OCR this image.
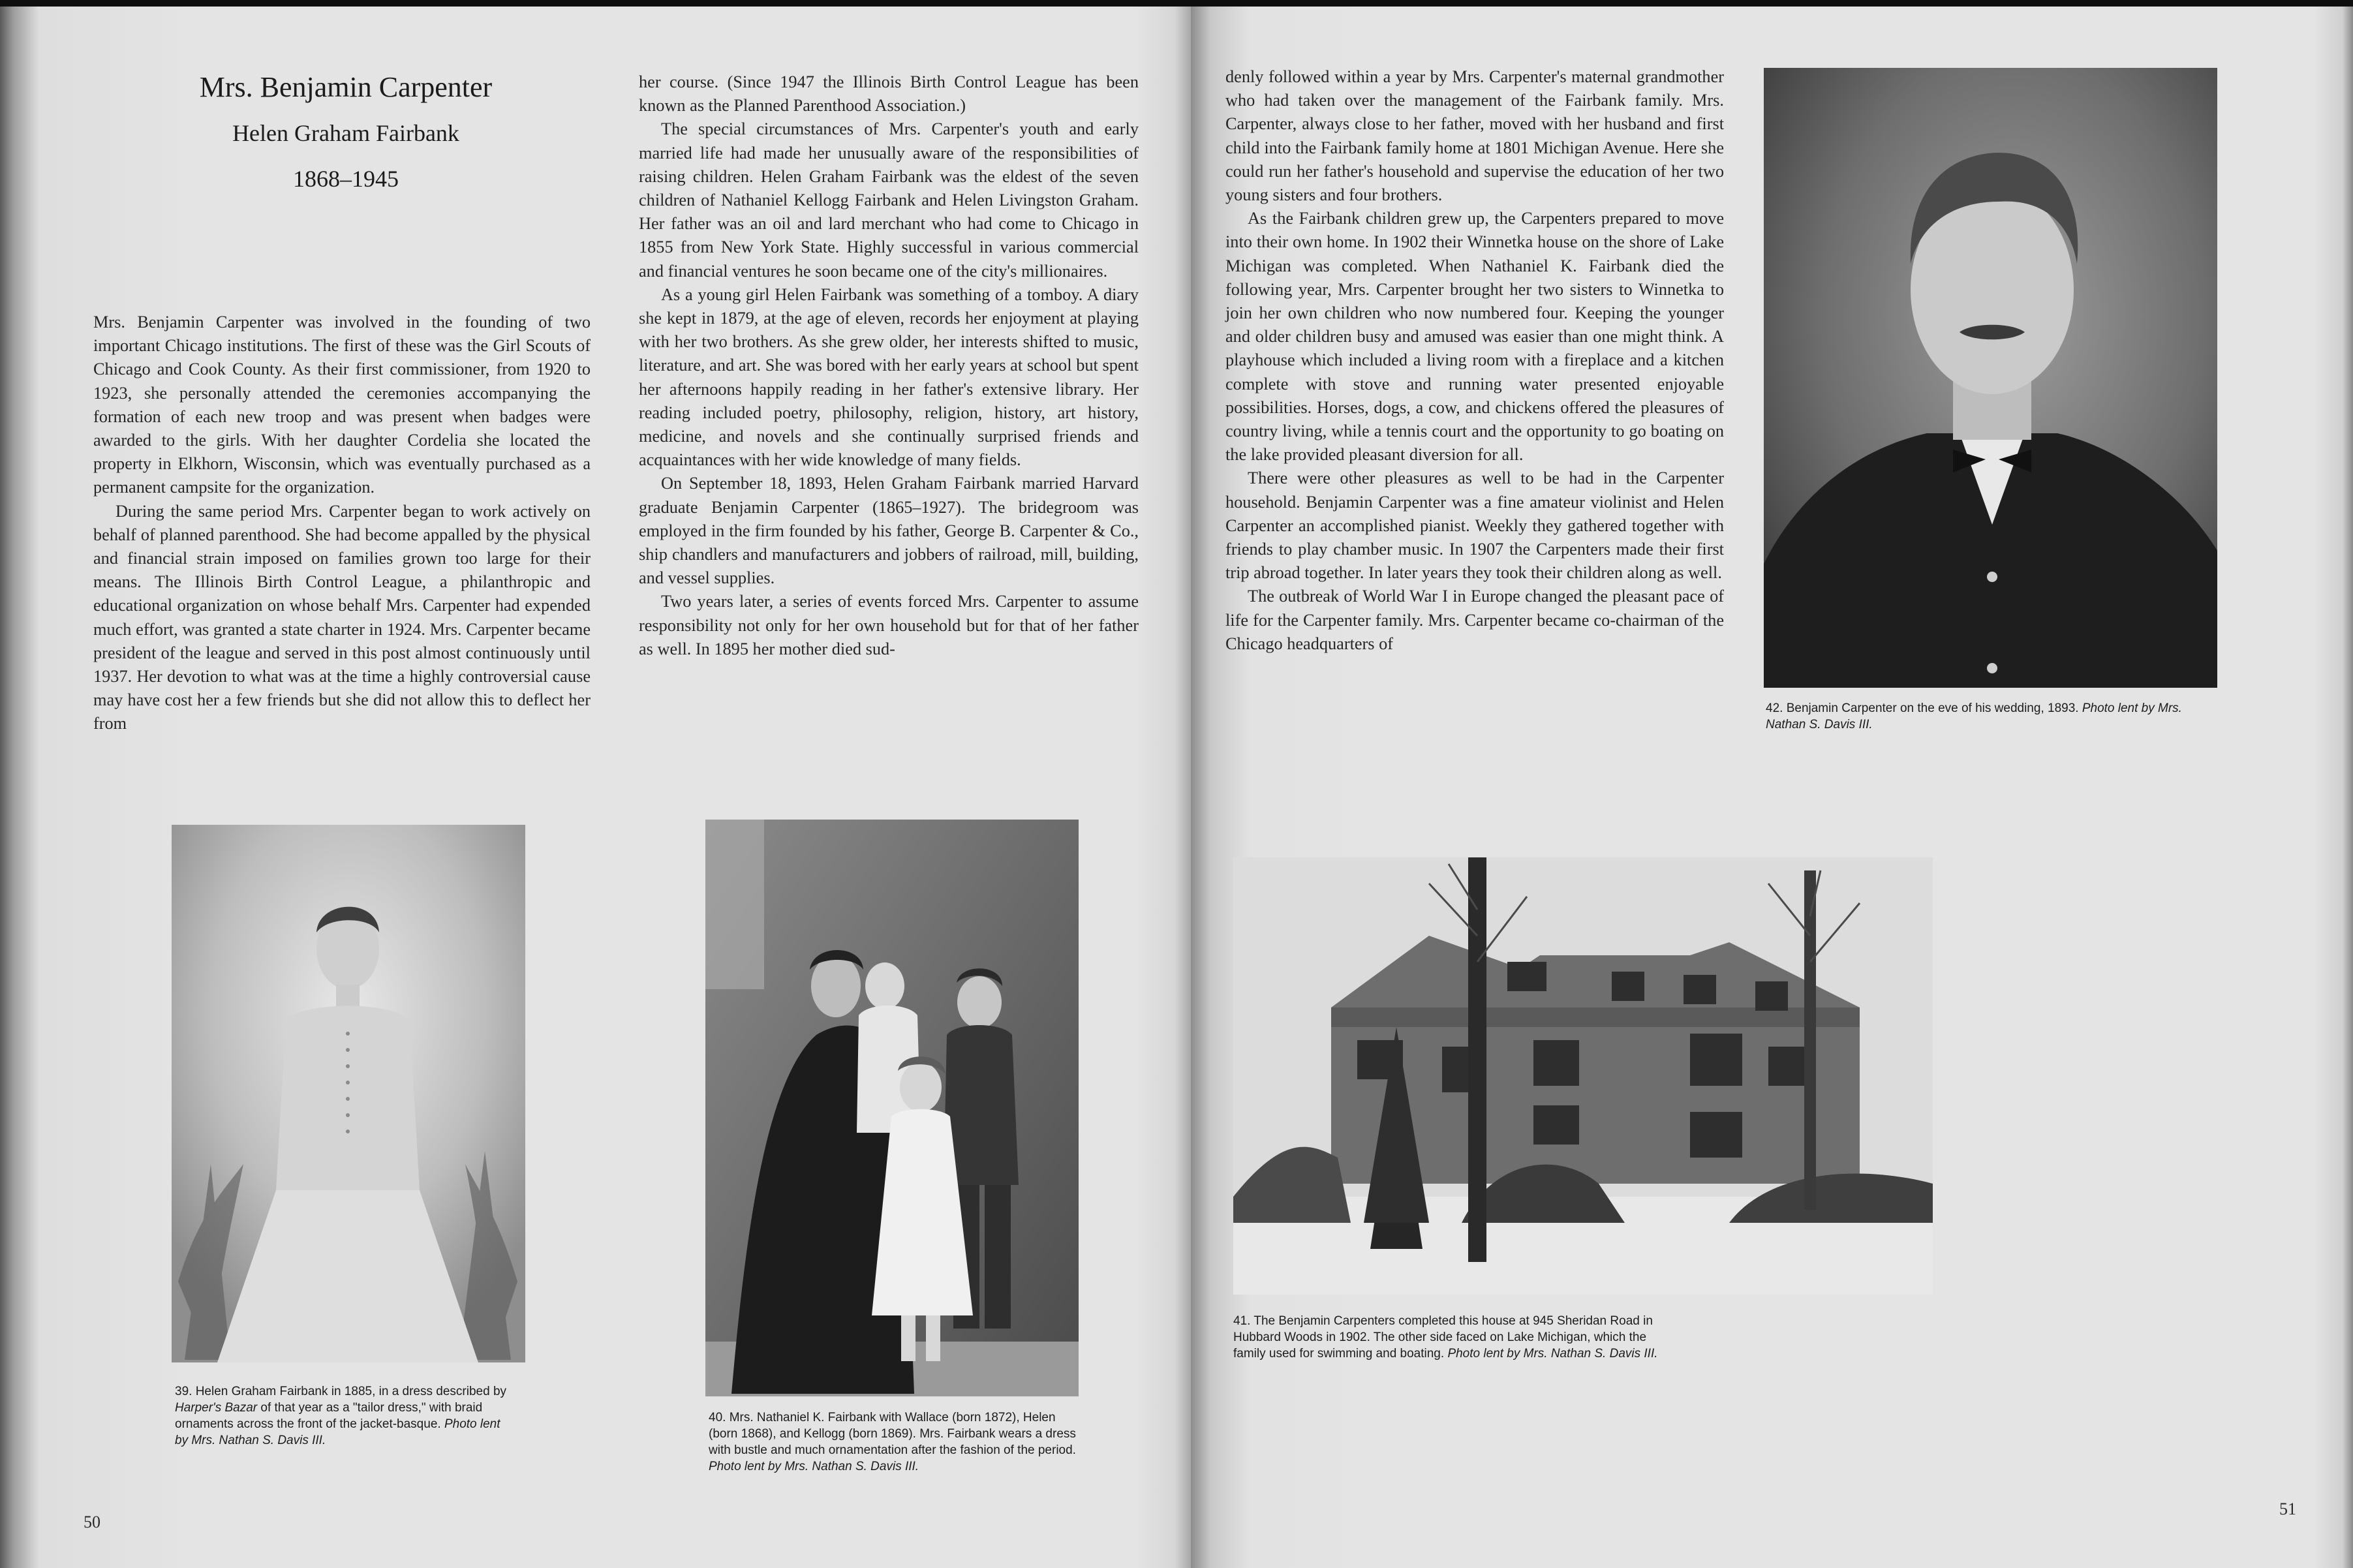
Mrs. Benjamin Carpenter
Helen Graham Fairbank
1868–1945

Mrs. Benjamin Carpenter was involved in the founding of two important Chicago institutions. The first of these was the Girl Scouts of Chicago and Cook County. As their first commissioner, from 1920 to 1923, she personally attended the ceremonies accompanying the formation of each new troop and was present when badges were awarded to the girls. With her daughter Cordelia she located the property in Elkhorn, Wisconsin, which was eventually purchased as a permanent campsite for the organization.

During the same period Mrs. Carpenter began to work actively on behalf of planned parenthood. She had become appalled by the physical and financial strain imposed on families grown too large for their means. The Illinois Birth Control League, a philanthropic and educational organization on whose behalf Mrs. Carpenter had expended much effort, was granted a state charter in 1924. Mrs. Carpenter became president of the league and served in this post almost continuously until 1937. Her devotion to what was at the time a highly controversial cause may have cost her a few friends but she did not allow this to deflect her from

her course. (Since 1947 the Illinois Birth Control League has been known as the Planned Parenthood Association.)

The special circumstances of Mrs. Carpenter's youth and early married life had made her unusually aware of the responsibilities of raising children. Helen Graham Fairbank was the eldest of the seven children of Nathaniel Kellogg Fairbank and Helen Livingston Graham. Her father was an oil and lard merchant who had come to Chicago in 1855 from New York State. Highly successful in various commercial and financial ventures he soon became one of the city's millionaires.

As a young girl Helen Fairbank was something of a tomboy. A diary she kept in 1879, at the age of eleven, records her enjoyment at playing with her two brothers. As she grew older, her interests shifted to music, literature, and art. She was bored with her early years at school but spent her afternoons happily reading in her father's extensive library. Her reading included poetry, philosophy, religion, history, art history, medicine, and novels and she continually surprised friends and acquaintances with her wide knowledge of many fields.

On September 18, 1893, Helen Graham Fairbank married Harvard graduate Benjamin Carpenter (1865–1927). The bridegroom was employed in the firm founded by his father, George B. Carpenter & Co., ship chandlers and manufacturers and jobbers of railroad, mill, building, and vessel supplies.

Two years later, a series of events forced Mrs. Carpenter to assume responsibility not only for her own household but for that of her father as well. In 1895 her mother died sud-

denly followed within a year by Mrs. Carpenter's maternal grandmother who had taken over the management of the Fairbank family. Mrs. Carpenter, always close to her father, moved with her husband and first child into the Fairbank family home at 1801 Michigan Avenue. Here she could run her father's household and supervise the education of her two young sisters and four brothers.

As the Fairbank children grew up, the Carpenters prepared to move into their own home. In 1902 their Winnetka house on the shore of Lake Michigan was completed. When Nathaniel K. Fairbank died the following year, Mrs. Carpenter brought her two sisters to Winnetka to join her own children who now numbered four. Keeping the younger and older children busy and amused was easier than one might think. A playhouse which included a living room with a fireplace and a kitchen complete with stove and running water presented enjoyable possibilities. Horses, dogs, a cow, and chickens offered the pleasures of country living, while a tennis court and the opportunity to go boating on the lake provided pleasant diversion for all.

There were other pleasures as well to be had in the Carpenter household. Benjamin Carpenter was a fine amateur violinist and Helen Carpenter an accomplished pianist. Weekly they gathered together with friends to play chamber music. In 1907 the Carpenters made their first trip abroad together. In later years they took their children along as well.

The outbreak of World War I in Europe changed the pleasant pace of life for the Carpenter family. Mrs. Carpenter became co-chairman of the Chicago headquarters of

39. Helen Graham Fairbank in 1885, in a dress described by Harper's Bazar of that year as a "tailor dress," with braid ornaments across the front of the jacket-basque. Photo lent by Mrs. Nathan S. Davis III.

40. Mrs. Nathaniel K. Fairbank with Wallace (born 1872), Helen (born 1868), and Kellogg (born 1869). Mrs. Fairbank wears a dress with bustle and much ornamentation after the fashion of the period. Photo lent by Mrs. Nathan S. Davis III.

42. Benjamin Carpenter on the eve of his wedding, 1893. Photo lent by Mrs. Nathan S. Davis III.

41. The Benjamin Carpenters completed this house at 945 Sheridan Road in Hubbard Woods in 1902. The other side faced on Lake Michigan, which the family used for swimming and boating. Photo lent by Mrs. Nathan S. Davis III.

50
51
